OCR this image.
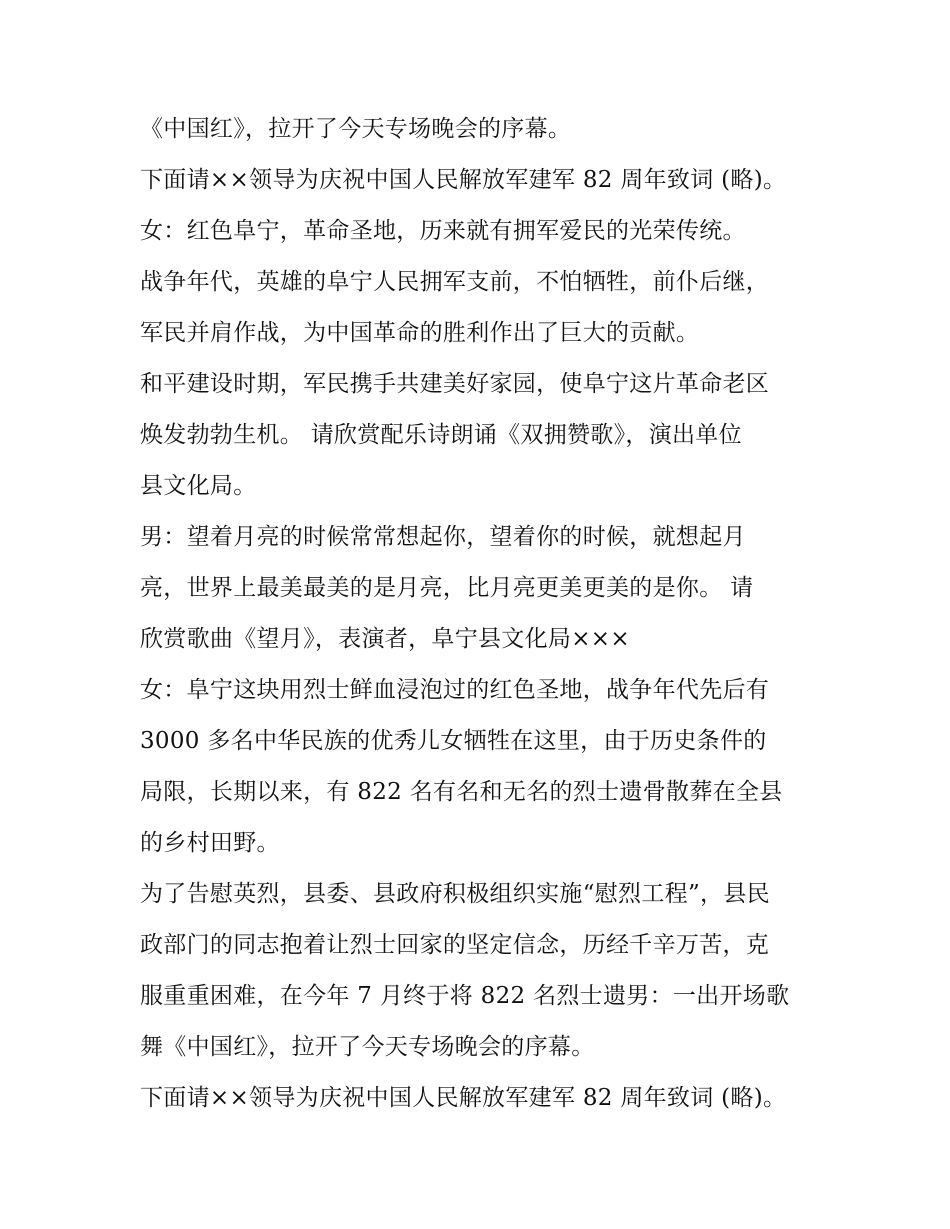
《中国红》，拉开了今天专场晚会的序幕。
下面请××领导为庆祝中国人民解放军建军 82 周年致词 (略)。
女：红色阜宁，革命圣地，历来就有拥军爱民的光荣传统。
战争年代，英雄的阜宁人民拥军支前，不怕牺牲，前仆后继，
军民并肩作战，为中国革命的胜利作出了巨大的贡献。
和平建设时期，军民携手共建美好家园，使阜宁这片革命老区
焕发勃勃生机。 请欣赏配乐诗朗诵《双拥赞歌》，演出单位
县文化局。
男：望着月亮的时候常常想起你，望着你的时候，就想起月
亮，世界上最美最美的是月亮，比月亮更美更美的是你。 请
欣赏歌曲《望月》，表演者，阜宁县文化局×××
女：阜宁这块用烈士鲜血浸泡过的红色圣地，战争年代先后有
3000 多名中华民族的优秀儿女牺牲在这里，由于历史条件的
局限，长期以来，有 822 名有名和无名的烈士遗骨散葬在全县
的乡村田野。
为了告慰英烈，县委、县政府积极组织实施“慰烈工程”，县民
政部门的同志抱着让烈士回家的坚定信念，历经千辛万苦，克
服重重困难，在今年 7 月终于将 822 名烈士遗男：一出开场歌
舞《中国红》，拉开了今天专场晚会的序幕。
下面请××领导为庆祝中国人民解放军建军 82 周年致词 (略)。
